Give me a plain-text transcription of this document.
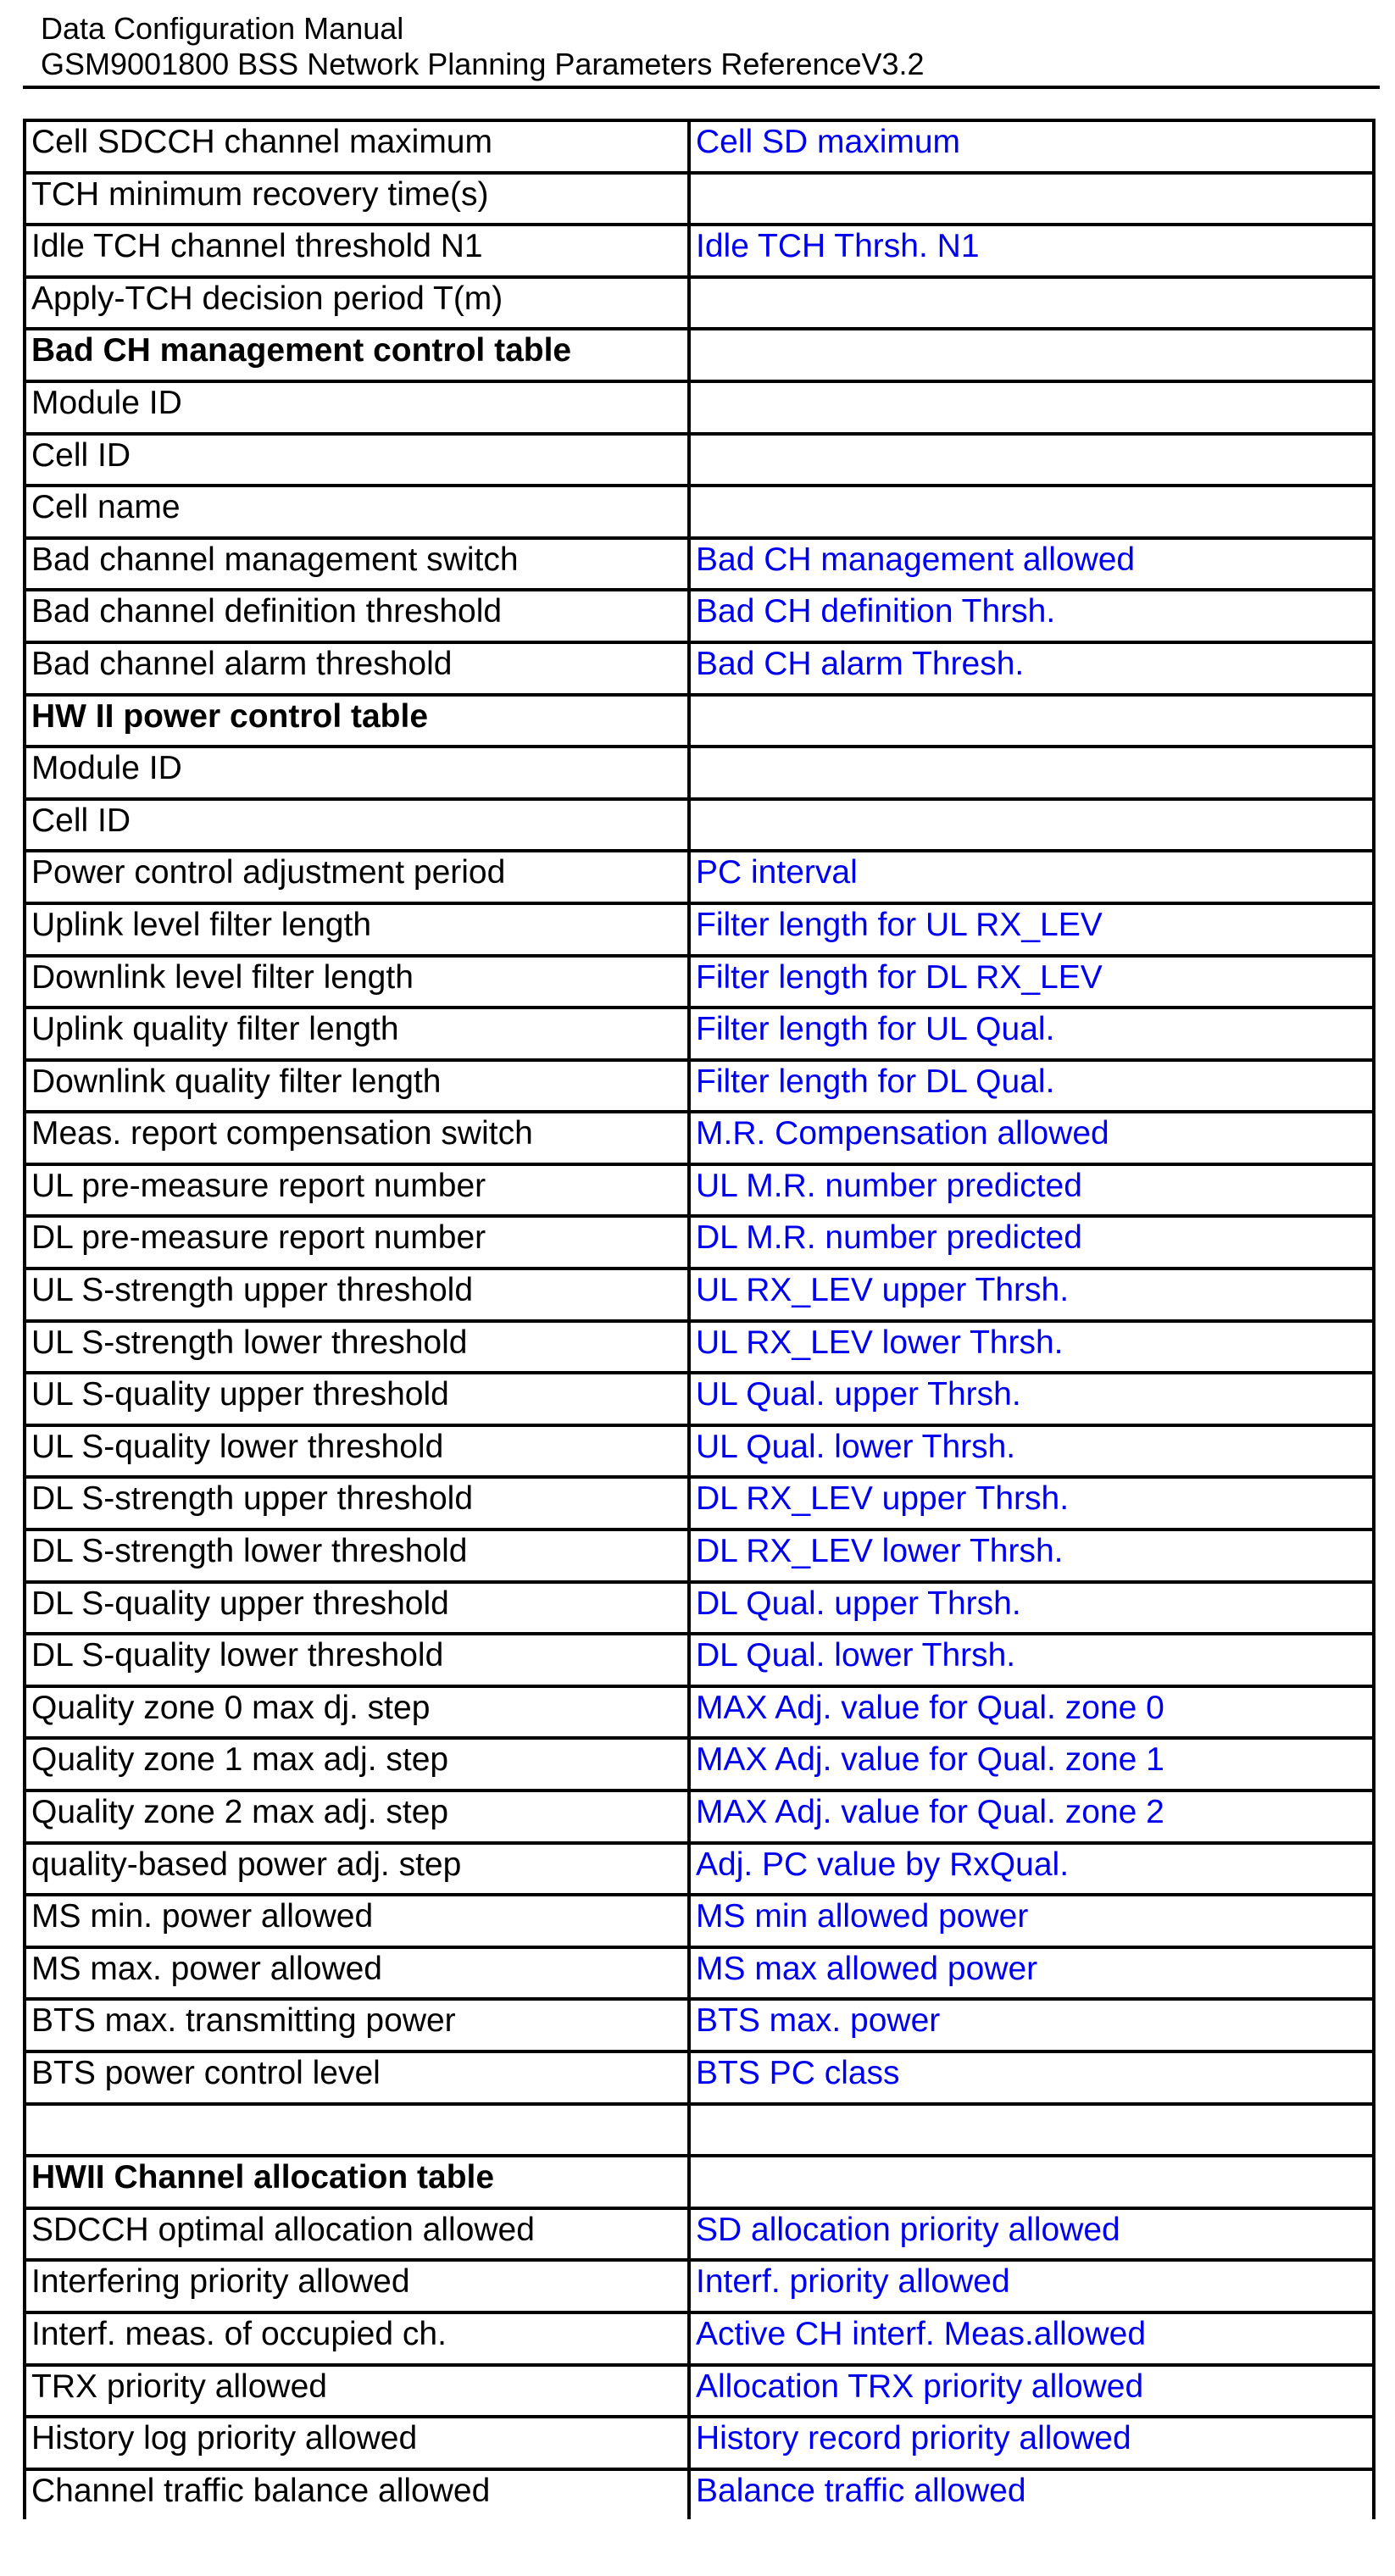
Data Configuration Manual
GSM9001800 BSS Network Planning Parameters ReferenceV3.2
Cell SDCCH channel maximum	Cell SD maximum
TCH minimum recovery time(s)	
Idle TCH channel threshold N1	Idle TCH Thrsh. N1
Apply-TCH decision period T(m)	
Bad CH management control table	
Module ID	
Cell ID	
Cell name	
Bad channel management switch	Bad CH management allowed
Bad channel definition threshold	Bad CH definition Thrsh.
Bad channel alarm threshold	Bad CH alarm Thresh.
HW II power control table	
Module ID	
Cell ID	
Power control adjustment period	PC interval
Uplink level filter length	Filter length for UL RX_LEV
Downlink level filter length	Filter length for DL RX_LEV
Uplink quality filter length	Filter length for UL Qual.
Downlink quality filter length	Filter length for DL Qual.
Meas. report compensation switch	M.R. Compensation allowed
UL pre-measure report number	UL M.R. number predicted
DL pre-measure report number	DL M.R. number predicted
UL S-strength upper threshold	UL RX_LEV upper Thrsh.
UL S-strength lower threshold	UL RX_LEV lower Thrsh.
UL S-quality upper threshold	UL Qual. upper Thrsh.
UL S-quality lower threshold	UL Qual. lower Thrsh.
DL S-strength upper threshold	DL RX_LEV upper Thrsh.
DL S-strength lower threshold	DL RX_LEV lower Thrsh.
DL S-quality upper threshold	DL Qual. upper Thrsh.
DL S-quality lower threshold	DL Qual. lower Thrsh.
Quality zone 0 max dj. step	MAX Adj. value for Qual. zone 0
Quality zone 1 max adj. step	MAX Adj. value for Qual. zone 1
Quality zone 2 max adj. step	MAX Adj. value for Qual. zone 2
quality-based power adj. step	Adj. PC value by RxQual.
MS min. power allowed	MS min allowed power
MS max. power allowed	MS max allowed power
BTS max. transmitting power	BTS max. power
BTS power control level	BTS PC class

HWII Channel allocation table	
SDCCH optimal allocation allowed	SD allocation priority allowed
Interfering priority allowed	Interf. priority allowed
Interf. meas. of occupied ch.	Active CH interf. Meas.allowed
TRX priority allowed	Allocation TRX priority allowed
History log priority allowed	History record priority allowed
Channel traffic balance allowed	Balance traffic allowed
